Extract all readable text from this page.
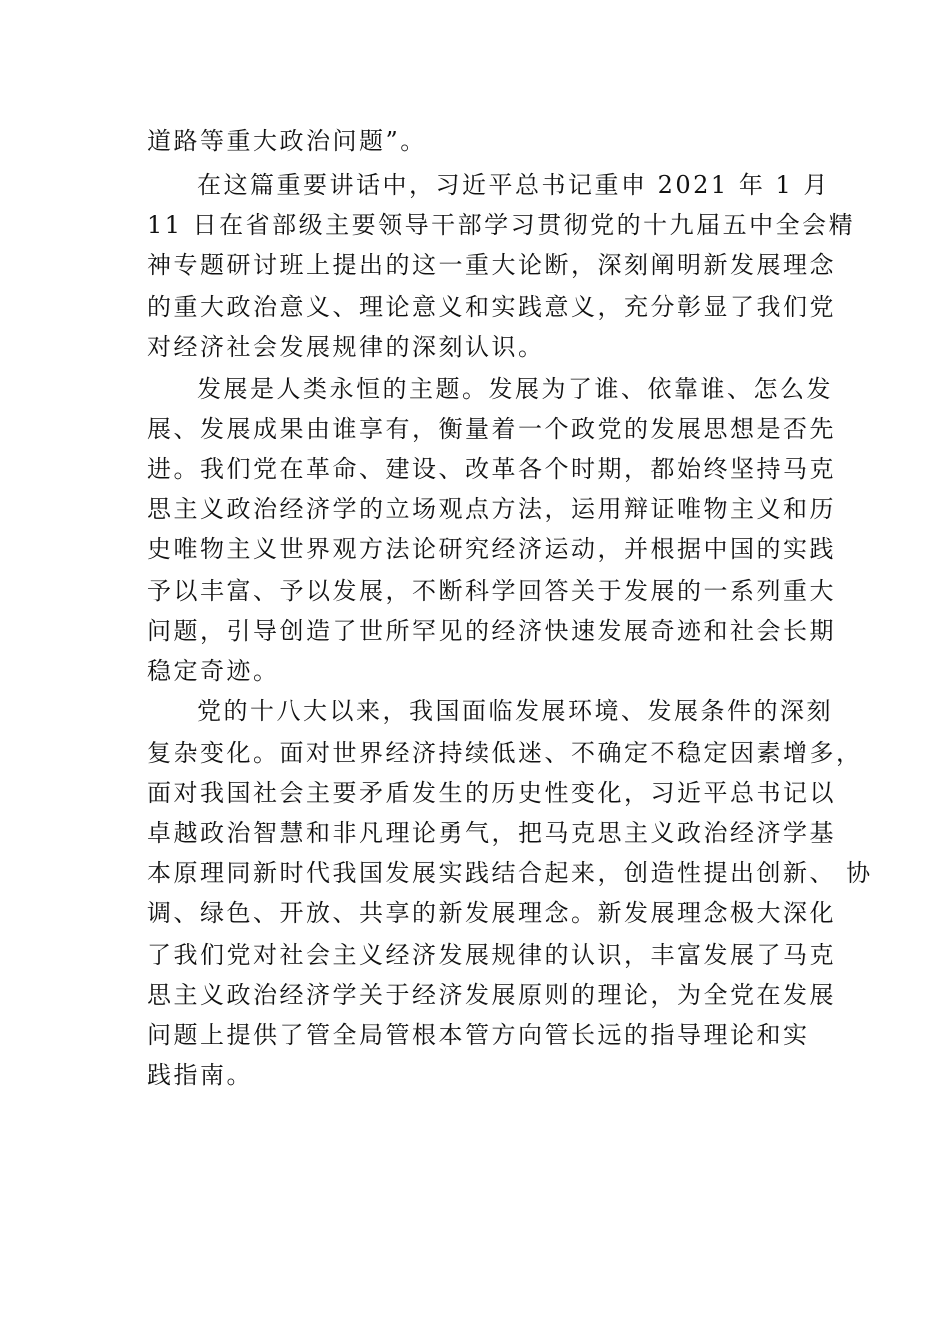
道路等重大政治问题”。
在这篇重要讲话中，习近平总书记重申 2021 年 1 月
11 日在省部级主要领导干部学习贯彻党的十九届五中全会精
神专题研讨班上提出的这一重大论断，深刻阐明新发展理念
的重大政治意义、理论意义和实践意义，充分彰显了我们党
对经济社会发展规律的深刻认识。
发展是人类永恒的主题。发展为了谁、依靠谁、怎么发
展、发展成果由谁享有，衡量着一个政党的发展思想是否先
进。我们党在革命、建设、改革各个时期，都始终坚持马克
思主义政治经济学的立场观点方法，运用辩证唯物主义和历
史唯物主义世界观方法论研究经济运动，并根据中国的实践
予以丰富、予以发展，不断科学回答关于发展的一系列重大
问题，引导创造了世所罕见的经济快速发展奇迹和社会长期
稳定奇迹。
党的十八大以来，我国面临发展环境、发展条件的深刻
复杂变化。面对世界经济持续低迷、不确定不稳定因素增多，
面对我国社会主要矛盾发生的历史性变化，习近平总书记以
卓越政治智慧和非凡理论勇气，把马克思主义政治经济学基
本原理同新时代我国发展实践结合起来，创造性提出创新、 协
调、绿色、开放、共享的新发展理念。新发展理念极大深化
了我们党对社会主义经济发展规律的认识，丰富发展了马克
思主义政治经济学关于经济发展原则的理论，为全党在发展
问题上提供了管全局管根本管方向管长远的指导理论和实
践指南。
